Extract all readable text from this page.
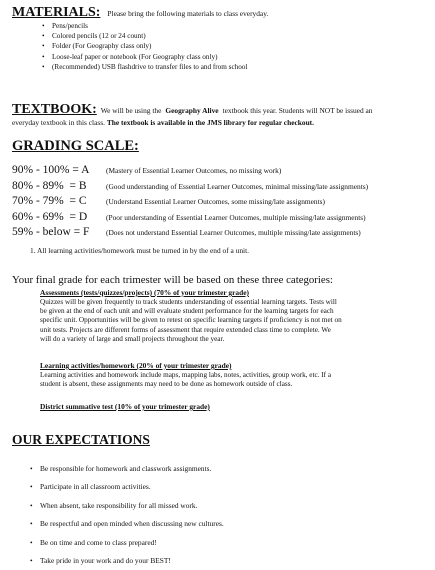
MATERIALS: Please bring the following materials to class everyday.
• Pens/pencils
• Colored pencils (12 or 24 count)
• Folder (For Geography class only)
• Loose-leaf paper or notebook (For Geography class only)
• (Recommended) USB flashdrive to transfer files to and from school
TEXTBOOK: We will be using the Geography Alive textbook this year. Students will NOT be issued an
everyday textbook in this class. The textbook is available in the JMS library for regular checkout.
GRADING SCALE:
90% - 100% = A (Mastery of Essential Learner Outcomes, no missing work)
80% - 89%  = B	(Good understanding of Essential Learner Outcomes, minimal missing/late assignments)
70% - 79%  = C	(Understand Essential Learner Outcomes, some missing/late assignments)
60% - 69%  = D	(Poor understanding of Essential Learner Outcomes, multiple missing/late assignments)
59% - below = F (Does not understand Essential Learner Outcomes, multiple missing/late assignments)
1. All learning activities/homework must be turned in by the end of a unit.
Your final grade for each trimester will be based on these three categories:
Assessments (tests/quizzes/projects) (70% of your trimester grade)
Quizzes will be given frequently to track students understanding of essential learning targets. Tests will
be given at the end of each unit and will evaluate student performance for the learning targets for each
specific unit. Opportunities will be given to retest on specific learning targets if proficiency is not met on
unit tests. Projects are different forms of assessment that require extended class time to complete. We
will do a variety of large and small projects throughout the year.
Learning activities/homework (20% of your trimester grade)
Learning activities and homework include maps, mapping labs, notes, activities, group work, etc. If a
student is absent, these assignments may need to be done as homework outside of class.
District summative test (10% of your trimester grade)
OUR EXPECTATIONS
• Be responsible for homework and classwork assignments.
• Participate in all classroom activities.
• When absent, take responsibility for all missed work.
• Be respectful and open minded when discussing new cultures.
• Be on time and come to class prepared!
• Take pride in your work and do your BEST!
